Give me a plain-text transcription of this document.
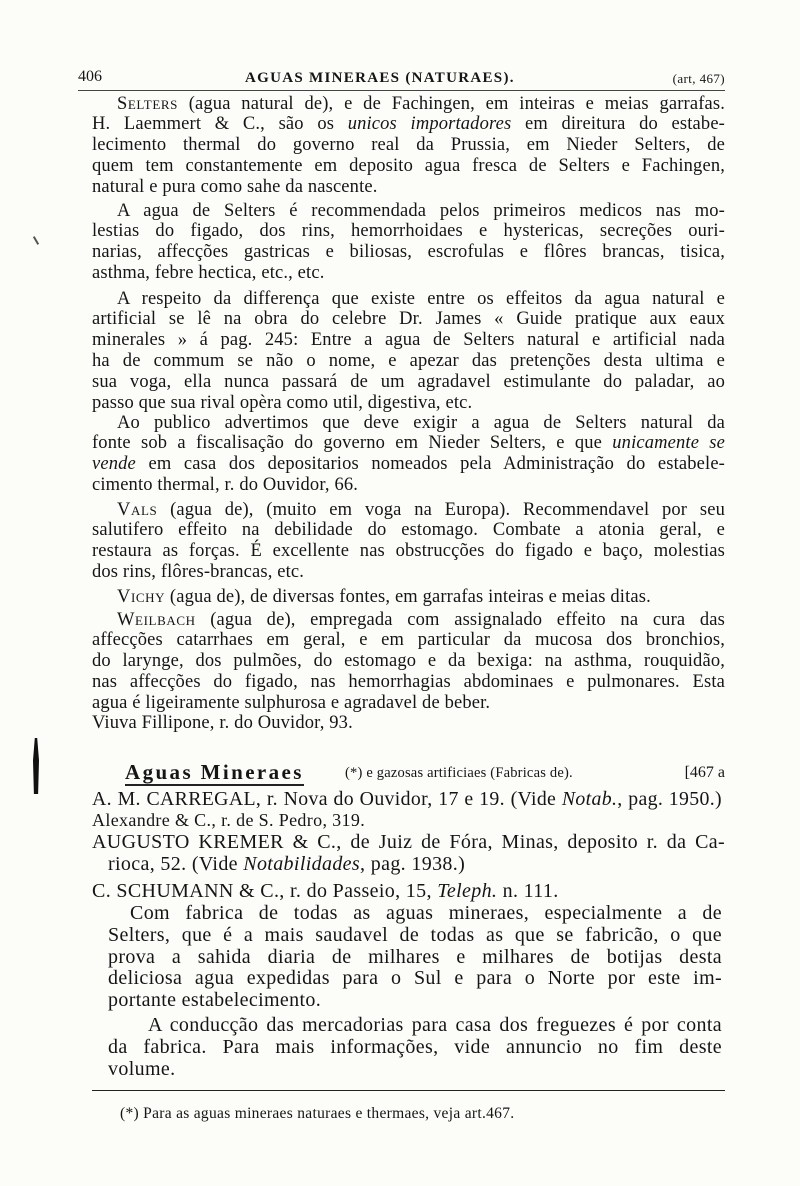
406	AGUAS MINERAES (NATURAES).	(art, 467)
Selters (agua natural de), e de Fachingen, em inteiras e meias garrafas.
H. Laemmert & C., são os unicos importadores em direitura do estabe-
lecimento thermal do governo real da Prussia, em Nieder Selters, de
quem tem constantemente em deposito agua fresca de Selters e Fachingen,
natural e pura como sahe da nascente.
A agua de Selters é recommendada pelos primeiros medicos nas mo-
lestias do figado, dos rins, hemorrhoidaes e hystericas, secreções ouri-
narias, affecções gastricas e biliosas, escrofulas e flôres brancas, tisica,
asthma, febre hectica, etc., etc.
A respeito da differença que existe entre os effeitos da agua natural e
artificial se lê na obra do celebre Dr. James « Guide pratique aux eaux
minerales » á pag. 245: Entre a agua de Selters natural e artificial nada
ha de commum se não o nome, e apezar das pretenções desta ultima e
sua voga, ella nunca passará de um agradavel estimulante do paladar, ao
passo que sua rival opèra como util, digestiva, etc.
Ao publico advertimos que deve exigir a agua de Selters natural da
fonte sob a fiscalisação do governo em Nieder Selters, e que unicamente se
vende em casa dos depositarios nomeados pela Administração do estabele-
cimento thermal, r. do Ouvidor, 66.
Vals (agua de), (muito em voga na Europa). Recommendavel por seu
salutifero effeito na debilidade do estomago. Combate a atonia geral, e
restaura as forças. É excellente nas obstrucções do figado e baço, molestias
dos rins, flôres-brancas, etc.
Vichy (agua de), de diversas fontes, em garrafas inteiras e meias ditas.
Weilbach (agua de), empregada com assignalado effeito na cura das
affecções catarrhaes em geral, e em particular da mucosa dos bronchios,
do larynge, dos pulmões, do estomago e da bexiga: na asthma, rouquidão,
nas affecções do figado, nas hemorrhagias abdominaes e pulmonares. Esta
agua é ligeiramente sulphurosa e agradavel de beber.
Viuva Fillipone, r. do Ouvidor, 93.
Aguas Mineraes	(*) e gazosas artificiaes (Fabricas de).	[467 a
A. M. CARREGAL, r. Nova do Ouvidor, 17 e 19. (Vide Notab., pag. 1950.)
Alexandre & C., r. de S. Pedro, 319.
AUGUSTO KREMER & C., de Juiz de Fóra, Minas, deposito r. da Ca-
rioca, 52. (Vide Notabilidades, pag. 1938.)
C. SCHUMANN & C., r. do Passeio, 15, Teleph. n. 111.
Com fabrica de todas as aguas mineraes, especialmente a de
Selters, que é a mais saudavel de todas as que se fabricão, o que
prova a sahida diaria de milhares e milhares de botijas desta
deliciosa agua expedidas para o Sul e para o Norte por este im-
portante estabelecimento.
A conducção das mercadorias para casa dos freguezes é por conta
da fabrica. Para mais informações, vide annuncio no fim deste
volume.
(*) Para as aguas mineraes naturaes e thermaes, veja art.467.
